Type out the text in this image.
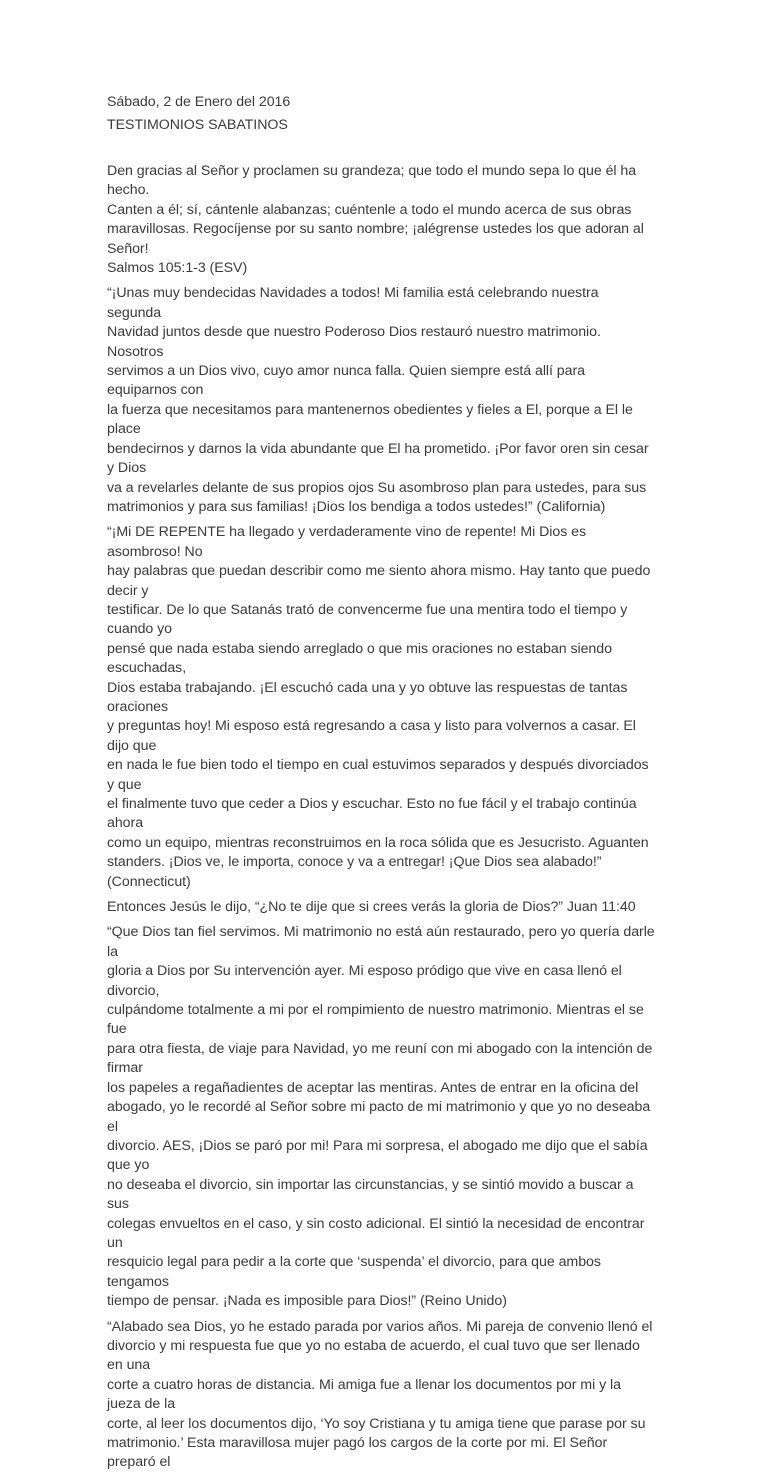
Sábado, 2 de Enero del 2016
TESTIMONIOS SABATINOS

Den gracias al Señor y proclamen su grandeza; que todo el mundo sepa lo que él ha hecho.
Canten a él; sí, cántenle alabanzas; cuéntenle a todo el mundo acerca de sus obras
maravillosas. Regocíjense por su santo nombre; ¡alégrense ustedes los que adoran al Señor!

Salmos 105:1-3 (ESV)

“¡Unas muy bendecidas Navidades a todos! Mi familia está celebrando nuestra segunda
Navidad juntos desde que nuestro Poderoso Dios restauró nuestro matrimonio. Nosotros
servimos a un Dios vivo, cuyo amor nunca falla. Quien siempre está allí para equiparnos con
la fuerza que necesitamos para mantenernos obedientes y fieles a El, porque a El le place
bendecirnos y darnos la vida abundante que El ha prometido. ¡Por favor oren sin cesar y Dios
va a revelarles delante de sus propios ojos Su asombroso plan para ustedes, para sus
matrimonios y para sus familias! ¡Dios los bendiga a todos ustedes!” (California)

“¡Mi DE REPENTE ha llegado y verdaderamente vino de repente! Mi Dios es asombroso! No
hay palabras que puedan describir como me siento ahora mismo. Hay tanto que puedo decir y
testificar. De lo que Satanás trató de convencerme fue una mentira todo el tiempo y cuando yo
pensé que nada estaba siendo arreglado o que mis oraciones no estaban siendo escuchadas,
Dios estaba trabajando. ¡El escuchó cada una y yo obtuve las respuestas de tantas oraciones
y preguntas hoy! Mi esposo está regresando a casa y listo para volvernos a casar. El dijo que
en nada le fue bien todo el tiempo en cual estuvimos separados y después divorciados y que
el finalmente tuvo que ceder a Dios y escuchar. Esto no fue fácil y el trabajo continúa ahora
como un equipo, mientras reconstruimos en la roca sólida que es Jesucristo. Aguanten
standers. ¡Dios ve, le importa, conoce y va a entregar! ¡Que Dios sea alabado!” (Connecticut)

Entonces Jesús le dijo, “¿No te dije que si crees verás la gloria de Dios?” Juan 11:40

“Que Dios tan fiel servimos. Mi matrimonio no está aún restaurado, pero yo quería darle la
gloria a Dios por Su intervención ayer. Mi esposo pródigo que vive en casa llenó el divorcio,
culpándome totalmente a mi por el rompimiento de nuestro matrimonio. Mientras el se fue
para otra fiesta, de viaje para Navidad, yo me reuní con mi abogado con la intención de firmar
los papeles a regañadientes de aceptar las mentiras. Antes de entrar en la oficina del
abogado, yo le recordé al Señor sobre mi pacto de mi matrimonio y que yo no deseaba el
divorcio. AES, ¡Dios se paró por mi! Para mi sorpresa, el abogado me dijo que el sabía que yo
no deseaba el divorcio, sin importar las circunstancias, y se sintió movido a buscar a sus
colegas envueltos en el caso, y sin costo adicional. El sintió la necesidad de encontrar un
resquicio legal para pedir a la corte que ‘suspenda’ el divorcio, para que ambos tengamos
tiempo de pensar. ¡Nada es imposible para Dios!” (Reino Unido)

“Alabado sea Dios, yo he estado parada por varios años. Mi pareja de convenio llenó el
divorcio y mi respuesta fue que yo no estaba de acuerdo, el cual tuvo que ser llenado en una
corte a cuatro horas de distancia. Mi amiga fue a llenar los documentos por mi y la jueza de la
corte, al leer los documentos dijo, ‘Yo soy Cristiana y tu amiga tiene que parase por su
matrimonio.’ Esta maravillosa mujer pagó los cargos de la corte por mi. El Señor preparó el
